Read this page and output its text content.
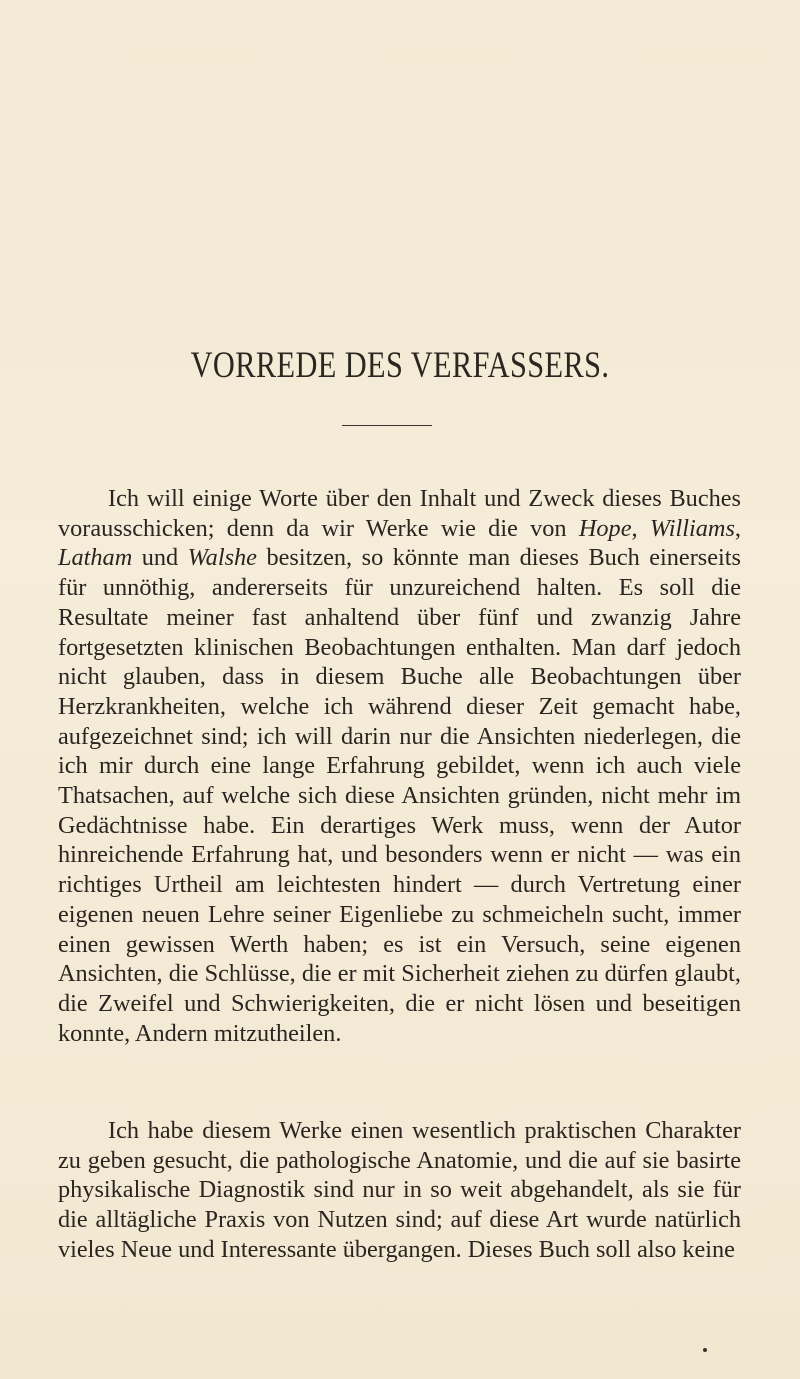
VORREDE DES VERFASSERS.

Ich will einige Worte über den Inhalt und Zweck dieses Buches vorausschicken; denn da wir Werke wie die von Hope, Williams, Latham und Walshe besitzen, so könnte man dieses Buch einerseits für unnöthig, andererseits für unzureichend halten. Es soll die Resultate meiner fast anhaltend über fünf und zwanzig Jahre fortgesetzten klinischen Beobachtungen enthalten. Man darf jedoch nicht glauben, dass in diesem Buche alle Beobachtungen über Herzkrankheiten, welche ich während dieser Zeit gemacht habe, aufgezeichnet sind; ich will darin nur die Ansichten niederlegen, die ich mir durch eine lange Erfahrung gebildet, wenn ich auch viele Thatsachen, auf welche sich diese Ansichten gründen, nicht mehr im Gedächtnisse habe. Ein derartiges Werk muss, wenn der Autor hinreichende Erfahrung hat, und besonders wenn er nicht — was ein richtiges Urtheil am leichtesten hindert — durch Vertretung einer eigenen neuen Lehre seiner Eigenliebe zu schmeicheln sucht, immer einen gewissen Werth haben; es ist ein Versuch, seine eigenen Ansichten, die Schlüsse, die er mit Sicherheit ziehen zu dürfen glaubt, die Zweifel und Schwierigkeiten, die er nicht lösen und beseitigen konnte, Andern mitzutheilen.

Ich habe diesem Werke einen wesentlich praktischen Charakter zu geben gesucht, die pathologische Anatomie, und die auf sie basirte physikalische Diagnostik sind nur in so weit abgehandelt, als sie für die alltägliche Praxis von Nutzen sind; auf diese Art wurde natürlich vieles Neue und Interessante übergangen. Dieses Buch soll also keine
